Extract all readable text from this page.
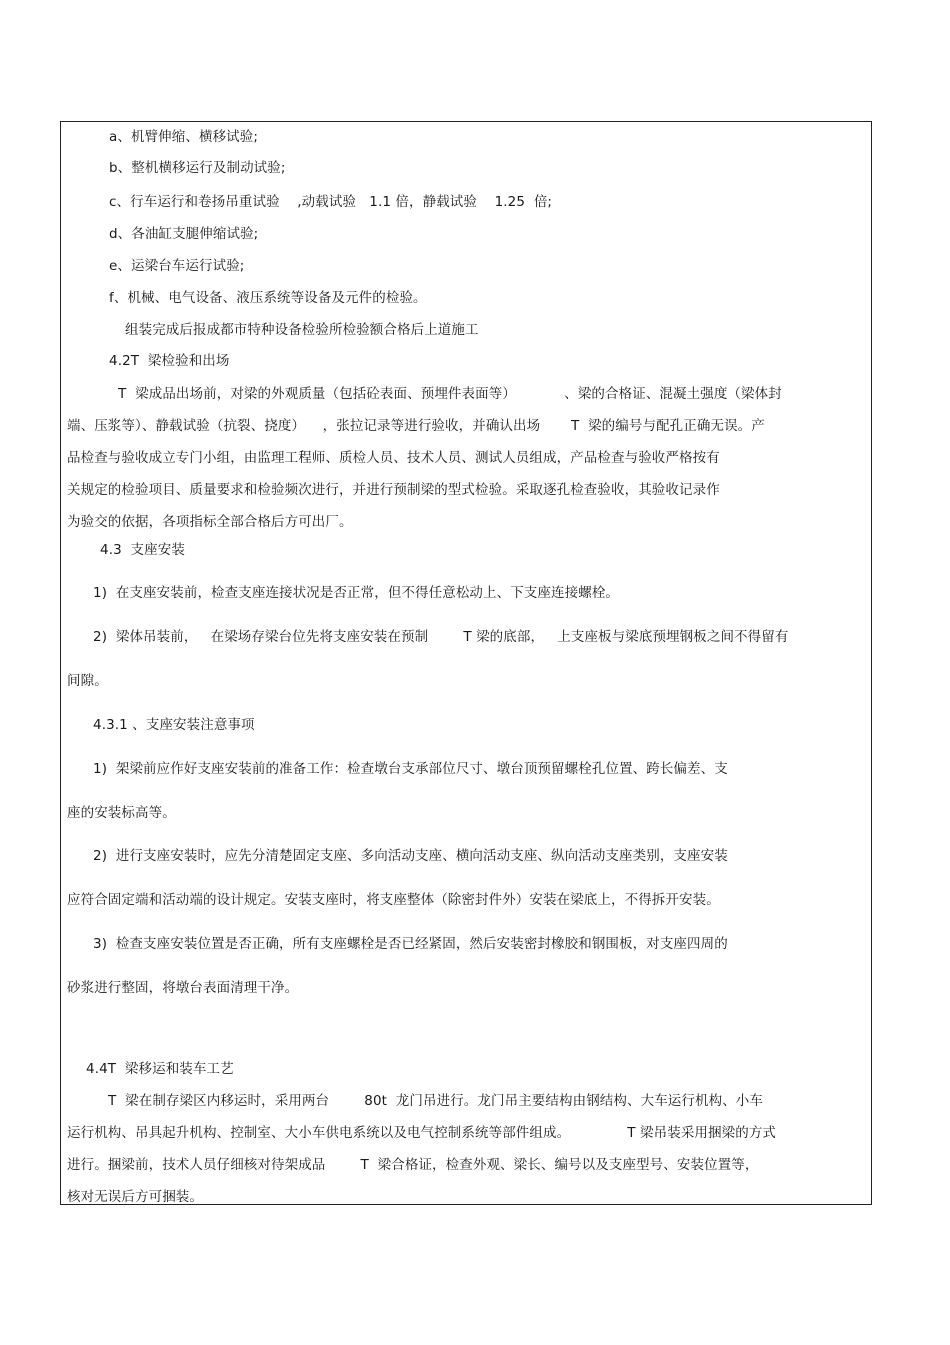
a、机臂伸缩、横移试验;
b、整机横移运行及制动试验;
c、行车运行和卷扬吊重试验    ,动载试验   1.1 倍，静载试验    1.25  倍;
d、各油缸支腿伸缩试验;
e、运梁台车运行试验;
f、机械、电气设备、液压系统等设备及元件的检验。
组装完成后报成都市特种设备检验所检验额合格后上道施工
4.2T  梁检验和出场
T  梁成品出场前，对梁的外观质量（包括砼表面、预埋件表面等）           、梁的合格证、混凝土强度（梁体封
端、压浆等）、静载试验（抗裂、挠度）    ，张拉记录等进行验收，并确认出场       T  梁的编号与配孔正确无误。产
品检查与验收成立专门小组，由监理工程师、质检人员、技术人员、测试人员组成，产品检查与验收严格按有
关规定的检验项目、质量要求和检验频次进行，并进行预制梁的型式检验。采取逐孔检查验收，其验收记录作
为验交的依据，各项指标全部合格后方可出厂。
4.3  支座安装
1)  在支座安装前，检查支座连接状况是否正常，但不得任意松动上、下支座连接螺栓。
2)  梁体吊装前，   在梁场存梁台位先将支座安装在预制        T 梁的底部，   上支座板与梁底预埋钢板之间不得留有
间隙。
4.3.1 、支座安装注意事项
1)  架梁前应作好支座安装前的准备工作：检查墩台支承部位尺寸、墩台顶预留螺栓孔位置、跨长偏差、支
座的安装标高等。
2)  进行支座安装时，应先分清楚固定支座、多向活动支座、横向活动支座、纵向活动支座类别，支座安装
应符合固定端和活动端的设计规定。安装支座时，将支座整体（除密封件外）安装在梁底上，不得拆开安装。
3)  检查支座安装位置是否正确，所有支座螺栓是否已经紧固，然后安装密封橡胶和钢围板，对支座四周的
砂浆进行整固，将墩台表面清理干净。
4.4T  梁移运和装车工艺
T  梁在制存梁区内移运时，采用两台        80t  龙门吊进行。龙门吊主要结构由钢结构、大车运行机构、小车
运行机构、吊具起升机构、控制室、大小车供电系统以及电气控制系统等部件组成。             T 梁吊装采用捆梁的方式
进行。捆梁前，技术人员仔细核对待架成品        T  梁合格证，检查外观、梁长、编号以及支座型号、安装位置等，
核对无误后方可捆装。
